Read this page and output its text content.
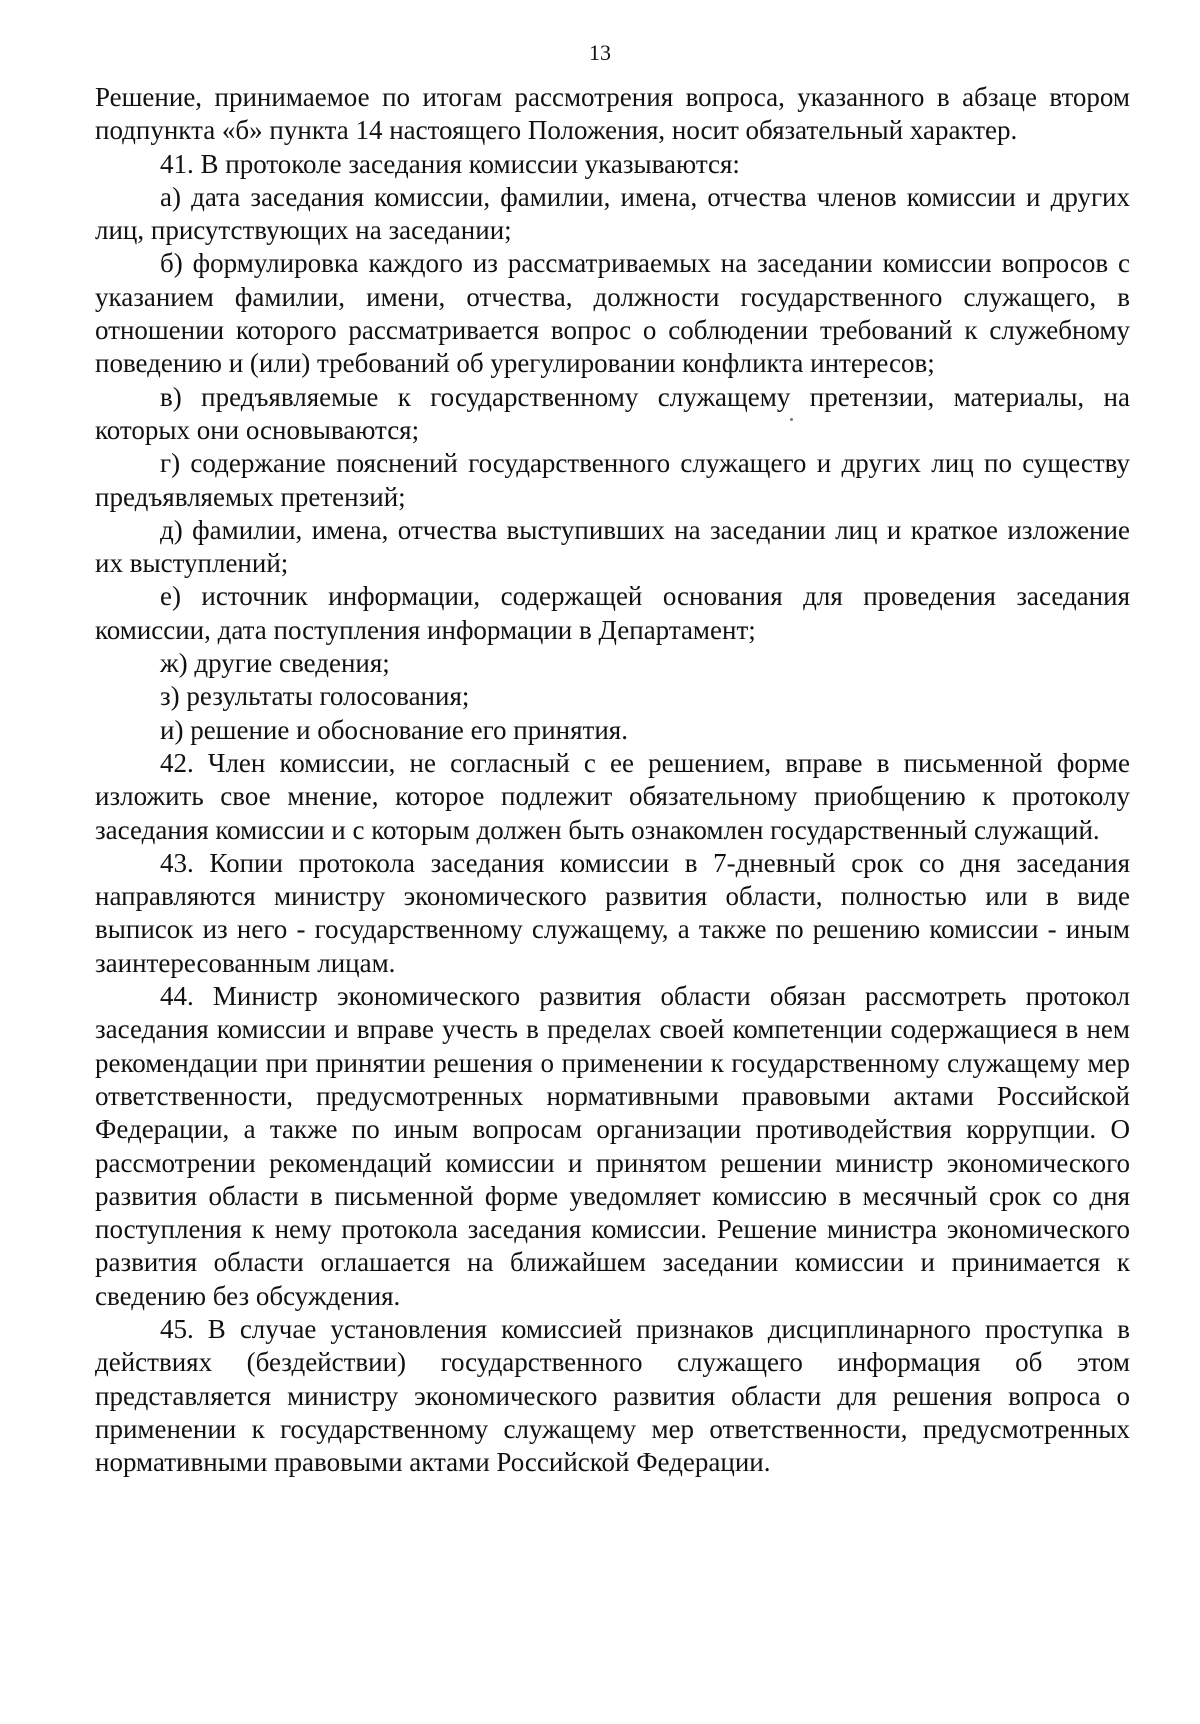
13

Решение, принимаемое по итогам рассмотрения вопроса, указанного в абзаце втором подпункта «б» пункта 14 настоящего Положения, носит обязательный характер.

41. В протоколе заседания комиссии указываются:

а) дата заседания комиссии, фамилии, имена, отчества членов комиссии и других лиц, присутствующих на заседании;

б) формулировка каждого из рассматриваемых на заседании комиссии вопросов с указанием фамилии, имени, отчества, должности государственного служащего, в отношении которого рассматривается вопрос о соблюдении требований к служебному поведению и (или) требований об урегулировании конфликта интересов;

в) предъявляемые к государственному служащему претензии, материалы, на которых они основываются;

г) содержание пояснений государственного служащего и других лиц по существу предъявляемых претензий;

д) фамилии, имена, отчества выступивших на заседании лиц и краткое изложение их выступлений;

е) источник информации, содержащей основания для проведения заседания комиссии, дата поступления информации в Департамент;

ж) другие сведения;

з) результаты голосования;

и) решение и обоснование его принятия.

42. Член комиссии, не согласный с ее решением, вправе в письменной форме изложить свое мнение, которое подлежит обязательному приобщению к протоколу заседания комиссии и с которым должен быть ознакомлен государственный служащий.

43. Копии протокола заседания комиссии в 7-дневный срок со дня заседания направляются министру экономического развития области, полностью или в виде выписок из него - государственному служащему, а также по решению комиссии - иным заинтересованным лицам.

44. Министр экономического развития области обязан рассмотреть протокол заседания комиссии и вправе учесть в пределах своей компетенции содержащиеся в нем рекомендации при принятии решения о применении к государственному служащему мер ответственности, предусмотренных нормативными правовыми актами Российской Федерации, а также по иным вопросам организации противодействия коррупции. О рассмотрении рекомендаций комиссии и принятом решении министр экономического развития области в письменной форме уведомляет комиссию в месячный срок со дня поступления к нему протокола заседания комиссии. Решение министра экономического развития области оглашается на ближайшем заседании комиссии и принимается к сведению без обсуждения.

45. В случае установления комиссией признаков дисциплинарного проступка в действиях (бездействии) государственного служащего информация об этом представляется министру экономического развития области для решения вопроса о применении к государственному служащему мер ответственности, предусмотренных нормативными правовыми актами Российской Федерации.
